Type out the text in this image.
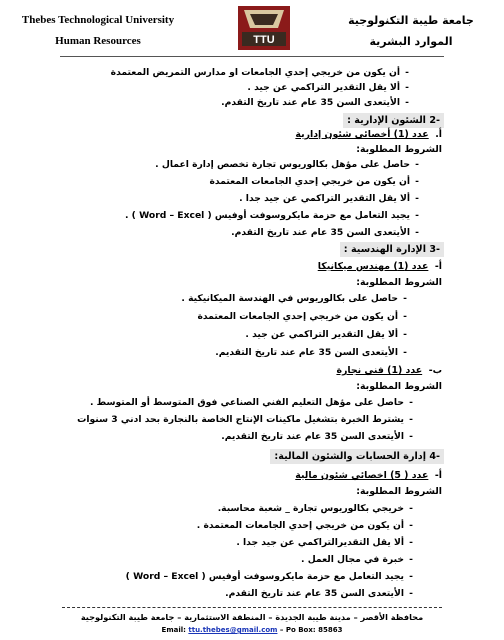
Thebes Technological University
Human Resources	TTU
جامعة طيبة التكنولوجية
الموارد البشرية
-أن يكون من خريجي إحدي الجامعات او مدارس التمريض المعتمدة
-ألا يقل التقدير التراكمي عن جيد .
-الأيتعدى السن 35 عام عند تاريخ التقدم.
-2 الشئون الإدارية :
أ.  عدد (1) أخصائي شئون إدارية
الشروط المطلوبة:
-حاصل على مؤهل بكالوريوس تجارة تخصص إدارة اعمال .
-أن يكون من خريجي إحدي الجامعات المعتمدة
-ألا يقل التقدير التراكمي عن جيد جدا .
-يجيد التعامل مع حزمة مايكروسوفت أوفيس ( Word – Excel ) .
-الأيتعدى السن 35 عام عند تاريخ التقدم.
-3 الإدارة الهندسية :
أ-  عدد (1) مهندس ميكانيكا
الشروط المطلوبة:
-حاصل على بكالوريوس في الهندسة الميكانيكية .
-أن يكون من خريجي إحدي الجامعات المعتمدة
-ألا يقل التقدير التراكمي عن جيد .
-الأيتعدى السن 35 عام عند تاريخ التقديم.
ب-  عدد (1) فني نجارة
الشروط المطلوبة:
-حاصل على مؤهل التعليم الفني الصناعي فوق المتوسط أو المتوسط .
-يشترط الخبرة بتشغيل ماكينات الإنتاج الخاصة بالنجارة بحد ادني 3 سنوات
-الأيتعدى السن 35 عام عند تاريخ التقديم.
-4 إدارة الحسابات والشئون المالية:
أ-  عدد ( 5) اخصائي شئون مالية
الشروط المطلوبة:
-خريجي بكالوريوس تجارة _ شعبة محاسبة.
-أن يكون من خريجي إحدي الجامعات المعتمدة .
-ألا يقل التقديرالتراكمي عن جيد جدا .
-خبرة في مجال العمل .
-يجيد التعامل مع حزمة مايكروسوفت أوفيس ( Word – Excel )
-الأيتعدى السن 35 عام عند تاريخ التقدم.
محافظة الأقصر – مدينة طيبة الجديدة – المنطقة الاستثمارية – جامعة طيبة التكنولوجية
Email: ttu.thebes@gmail.com – Po Box: 85863
